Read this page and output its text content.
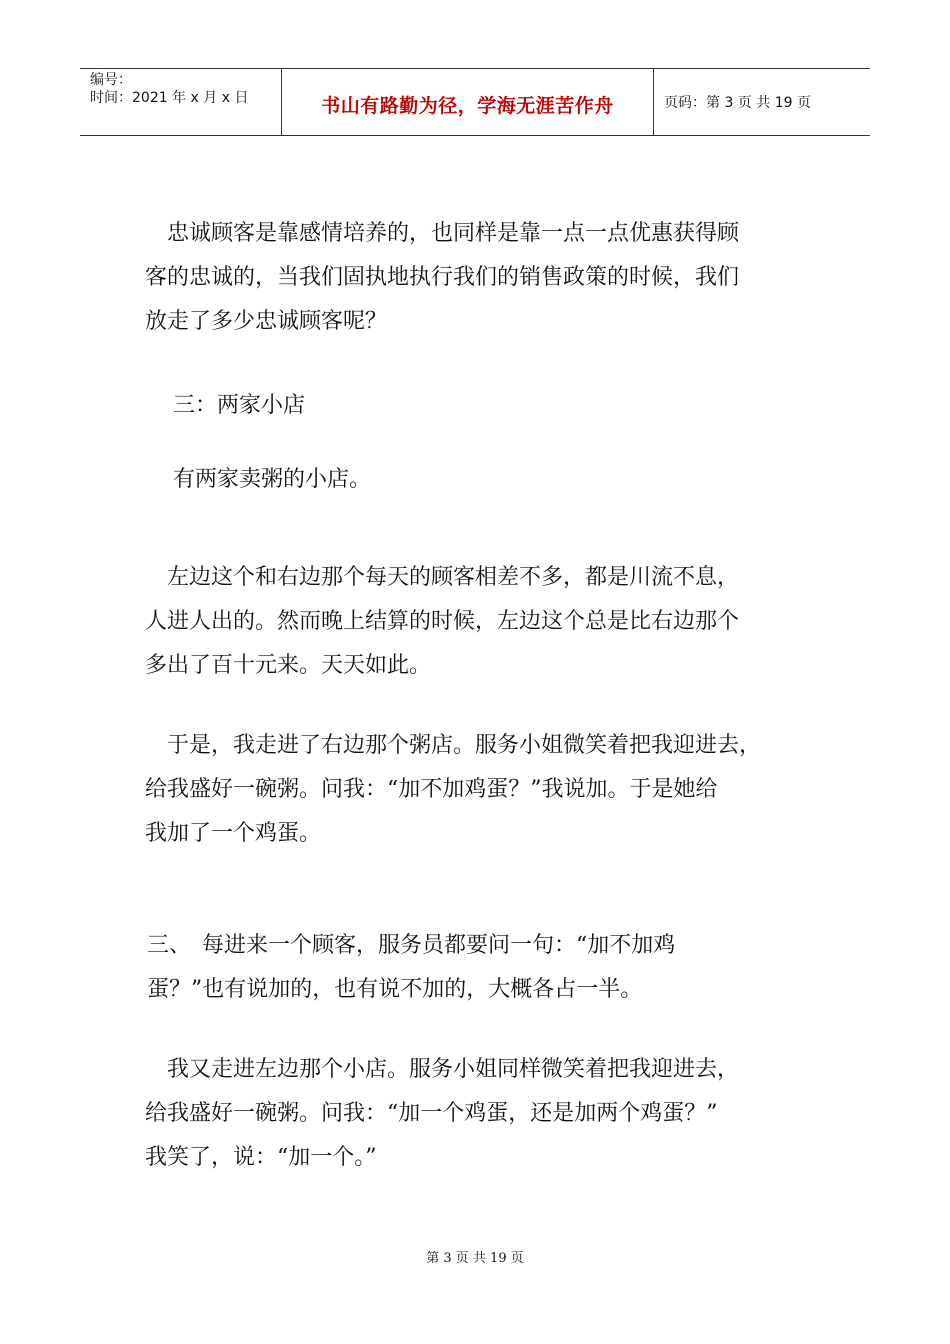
编号：
时间：2021 年 x 月 x 日	书山有路勤为径，学海无涯苦作舟	页码：第 3 页 共 19 页

　忠诚顾客是靠感情培养的，也同样是靠一点一点优惠获得顾
客的忠诚的，当我们固执地执行我们的销售政策的时候，我们
放走了多少忠诚顾客呢？

　三：两家小店

　有两家卖粥的小店。

　左边这个和右边那个每天的顾客相差不多，都是川流不息，
人进人出的。然而晚上结算的时候，左边这个总是比右边那个
多出了百十元来。天天如此。

　于是，我走进了右边那个粥店。服务小姐微笑着把我迎进去，
给我盛好一碗粥。问我：“加不加鸡蛋？”我说加。于是她给
我加了一个鸡蛋。

三、　每进来一个顾客，服务员都要问一句：“加不加鸡
蛋？”也有说加的，也有说不加的，大概各占一半。

　我又走进左边那个小店。服务小姐同样微笑着把我迎进去，
给我盛好一碗粥。问我：“加一个鸡蛋，还是加两个鸡蛋？”
我笑了，说：“加一个。”

第 3 页 共 19 页
